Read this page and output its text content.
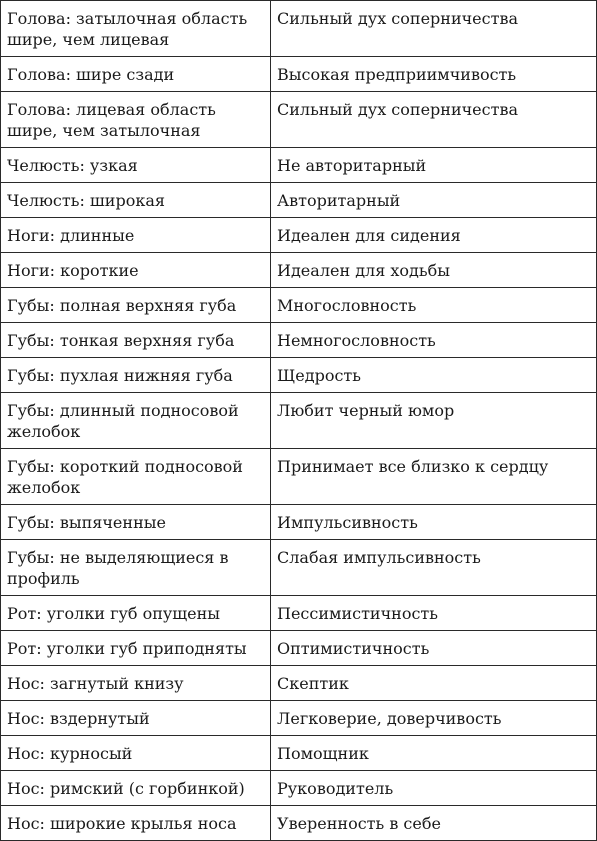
Голова: затылочная область шире, чем лицевая	Сильный дух соперничества
Голова: шире сзади	Высокая предприимчивость
Голова: лицевая область шире, чем затылочная	Сильный дух соперничества
Челюсть: узкая	Не авторитарный
Челюсть: широкая	Авторитарный
Ноги: длинные	Идеален для сидения
Ноги: короткие	Идеален для ходьбы
Губы: полная верхняя губа	Многословность
Губы: тонкая верхняя губа	Немногословность
Губы: пухлая нижняя губа	Щедрость
Губы: длинный подносовой желобок	Любит черный юмор
Губы: короткий подносовой желобок	Принимает все близко к сердцу
Губы: выпяченные	Импульсивность
Губы: не выделяющиеся в профиль	Слабая импульсивность
Рот: уголки губ опущены	Пессимистичность
Рот: уголки губ приподняты	Оптимистичность
Нос: загнутый книзу	Скептик
Нос: вздернутый	Легковерие, доверчивость
Нос: курносый	Помощник
Нос: римский (с горбинкой)	Руководитель
Нос: широкие крылья носа	Уверенность в себе
